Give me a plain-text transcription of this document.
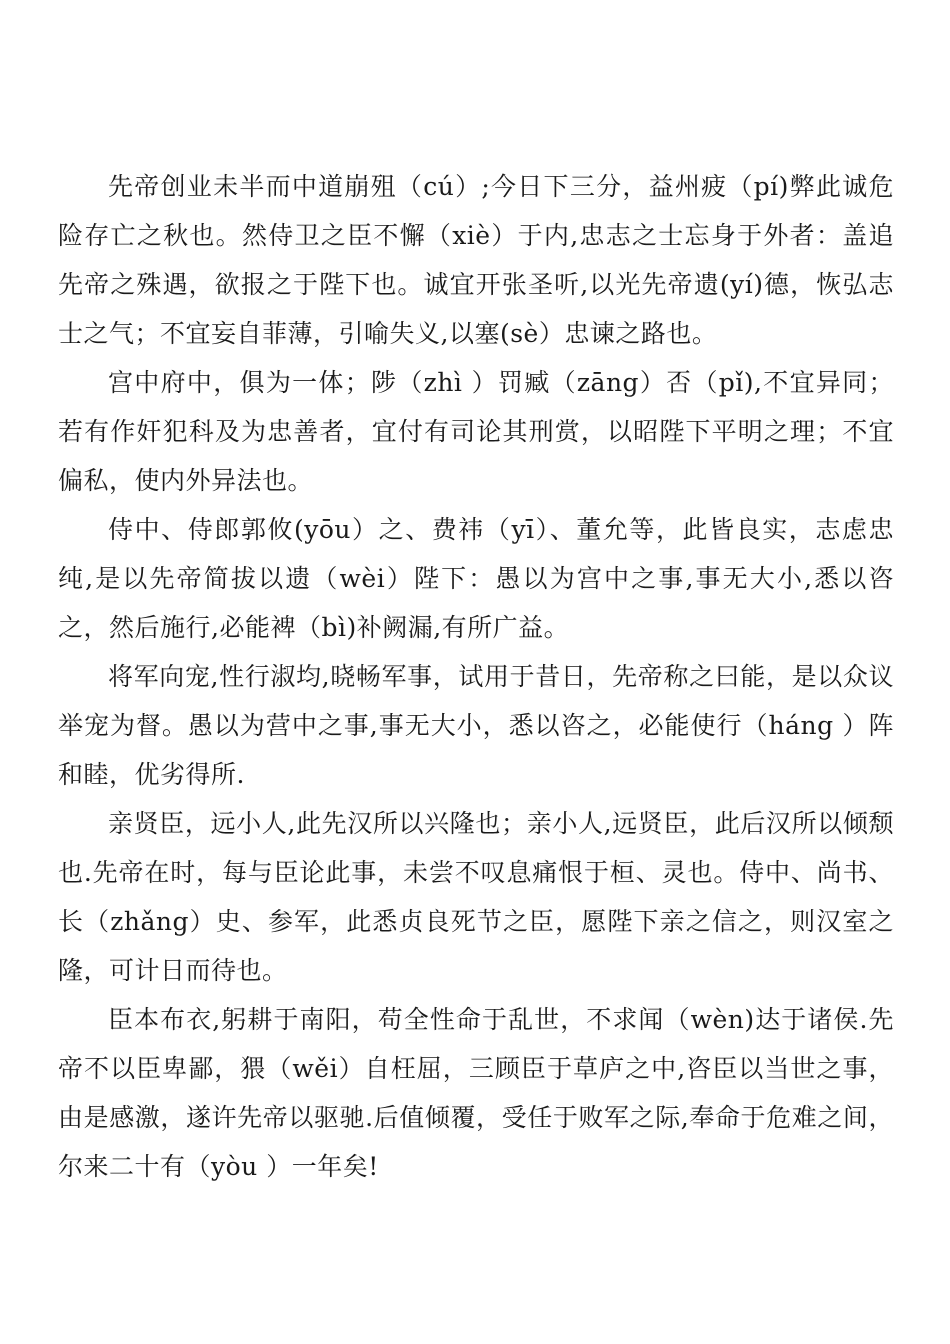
先帝创业未半而中道崩殂（cú）;今日下三分，益州疲（pí)弊此诚危险存亡之秋也。然侍卫之臣不懈（xiè）于内,忠志之士忘身于外者：盖追先帝之殊遇，欲报之于陛下也。诚宜开张圣听,以光先帝遗(yí)德，恢弘志士之气；不宜妄自菲薄，引喻失义,以塞(sè）忠谏之路也。

宫中府中，俱为一体；陟（zhì ）罚臧（zāng）否（pǐ),不宜异同；若有作奸犯科及为忠善者，宜付有司论其刑赏，以昭陛下平明之理；不宜偏私，使内外异法也。

侍中、侍郎郭攸(yōu）之、费祎（yī）、董允等，此皆良实，志虑忠纯,是以先帝简拔以遗（wèi）陛下：愚以为宫中之事,事无大小,悉以咨之，然后施行,必能裨（bì)补阙漏,有所广益。

将军向宠,性行淑均,晓畅军事，试用于昔日，先帝称之曰能，是以众议举宠为督。愚以为营中之事,事无大小，悉以咨之，必能使行（háng ）阵和睦，优劣得所.

亲贤臣，远小人,此先汉所以兴隆也；亲小人,远贤臣，此后汉所以倾颓也.先帝在时，每与臣论此事，未尝不叹息痛恨于桓、灵也。侍中、尚书、长（zhǎng）史、参军，此悉贞良死节之臣，愿陛下亲之信之，则汉室之隆，可计日而待也。

臣本布衣,躬耕于南阳，苟全性命于乱世，不求闻（wèn)达于诸侯.先帝不以臣卑鄙，猥（wěi）自枉屈，三顾臣于草庐之中,咨臣以当世之事，由是感激，遂许先帝以驱驰.后值倾覆，受任于败军之际,奉命于危难之间，尔来二十有（yòu ）一年矣!
